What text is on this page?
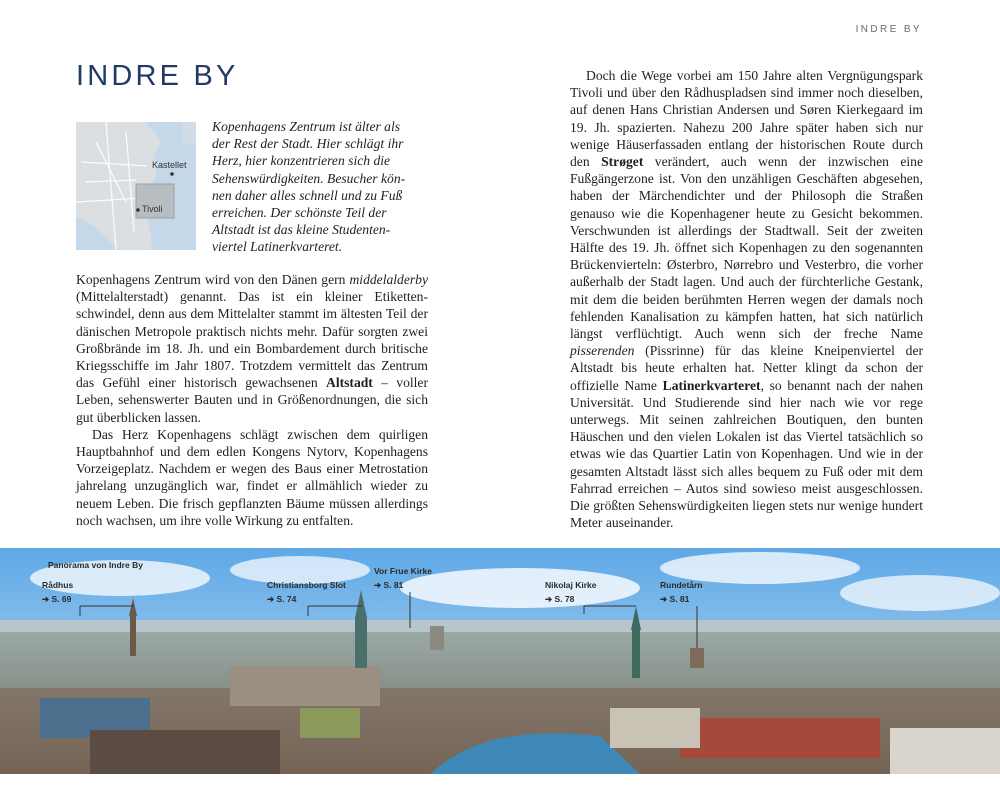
INDRE BY
INDRE BY
Kastellet
Tivoli

Kopenhagens Zentrum ist älter als
der Rest der Stadt. Hier schlägt ihr
Herz, hier konzentrieren sich die
Sehenswürdigkeiten. Besucher kön-
nen daher alles schnell und zu Fuß
erreichen. Der schönste Teil der
Altstadt ist das kleine Studenten-
viertel Latinerkvarteret.

Kopenhagens Zentrum wird von den Dänen gern middelalderby (Mittelalterstadt) genannt. Das ist ein kleiner Etikettenschwindel, denn aus dem Mittelalter stammt im ältesten Teil der dänischen Metropole praktisch nichts mehr. Dafür sorgten zwei Großbrände im 18. Jh. und ein Bombardement durch britische Kriegsschiffe im Jahr 1807. Trotzdem vermittelt das Zentrum das Gefühl einer historisch gewachsenen Altstadt – voller Leben, sehenswerter Bauten und in Größenordnungen, die sich gut überblicken lassen.

Das Herz Kopenhagens schlägt zwischen dem quirligen Hauptbahnhof und dem edlen Kongens Nytorv, Kopenhagens Vorzeigeplatz. Nachdem er wegen des Baus einer Metrostation jahrelang unzugänglich war, findet er allmählich wieder zu neuem Leben. Die frisch gepflanzten Bäume müssen allerdings noch wachsen, um ihre volle Wirkung zu entfalten.

Doch die Wege vorbei am 150 Jahre alten Vergnügungspark Tivoli und über den Rådhuspladsen sind immer noch dieselben, auf denen Hans Christian Andersen und Søren Kierkegaard im 19. Jh. spazierten. Nahezu 200 Jahre später haben sich nur wenige Häuserfassaden entlang der historischen Route durch den Strøget verändert, auch wenn der inzwischen eine Fußgängerzone ist. Von den unzähligen Geschäften abgesehen, haben der Märchendichter und der Philosoph die Straßen genauso wie die Kopenhagener heute zu Gesicht bekommen. Verschwunden ist allerdings der Stadtwall. Seit der zweiten Hälfte des 19. Jh. öffnet sich Kopenhagen zu den sogenannten Brückenvierteln: Østerbro, Nørrebro und Vesterbro, die vorher außerhalb der Stadt lagen. Und auch der fürchterliche Gestank, mit dem die beiden berühmten Herren wegen der damals noch fehlenden Kanalisation zu kämpfen hatten, hat sich natürlich längst verflüchtigt. Auch wenn sich der freche Name pisserenden (Pissrinne) für das kleine Kneipenviertel der Altstadt bis heute erhalten hat. Netter klingt da schon der offizielle Name Latinerkvarteret, so benannt nach der nahen Universität. Und Studierende sind hier nach wie vor rege unterwegs. Mit seinen zahlreichen Boutiquen, den bunten Häuschen und den vielen Lokalen ist das Viertel tatsächlich so etwas wie das Quartier Latin von Kopenhagen. Und wie in der gesamten Altstadt lässt sich alles bequem zu Fuß oder mit dem Fahrrad erreichen – Autos sind sowieso meist ausgeschlossen. Die größten Sehenswürdigkeiten liegen stets nur wenige hundert Meter auseinander.

Panorama von Indre By
Rådhus
➔ S. 69
Christiansborg Slot
➔ S. 74
Vor Frue Kirke
➔ S. 81	Nikolaj Kirke
➔ S. 78
Rundetårn
➔ S. 81
